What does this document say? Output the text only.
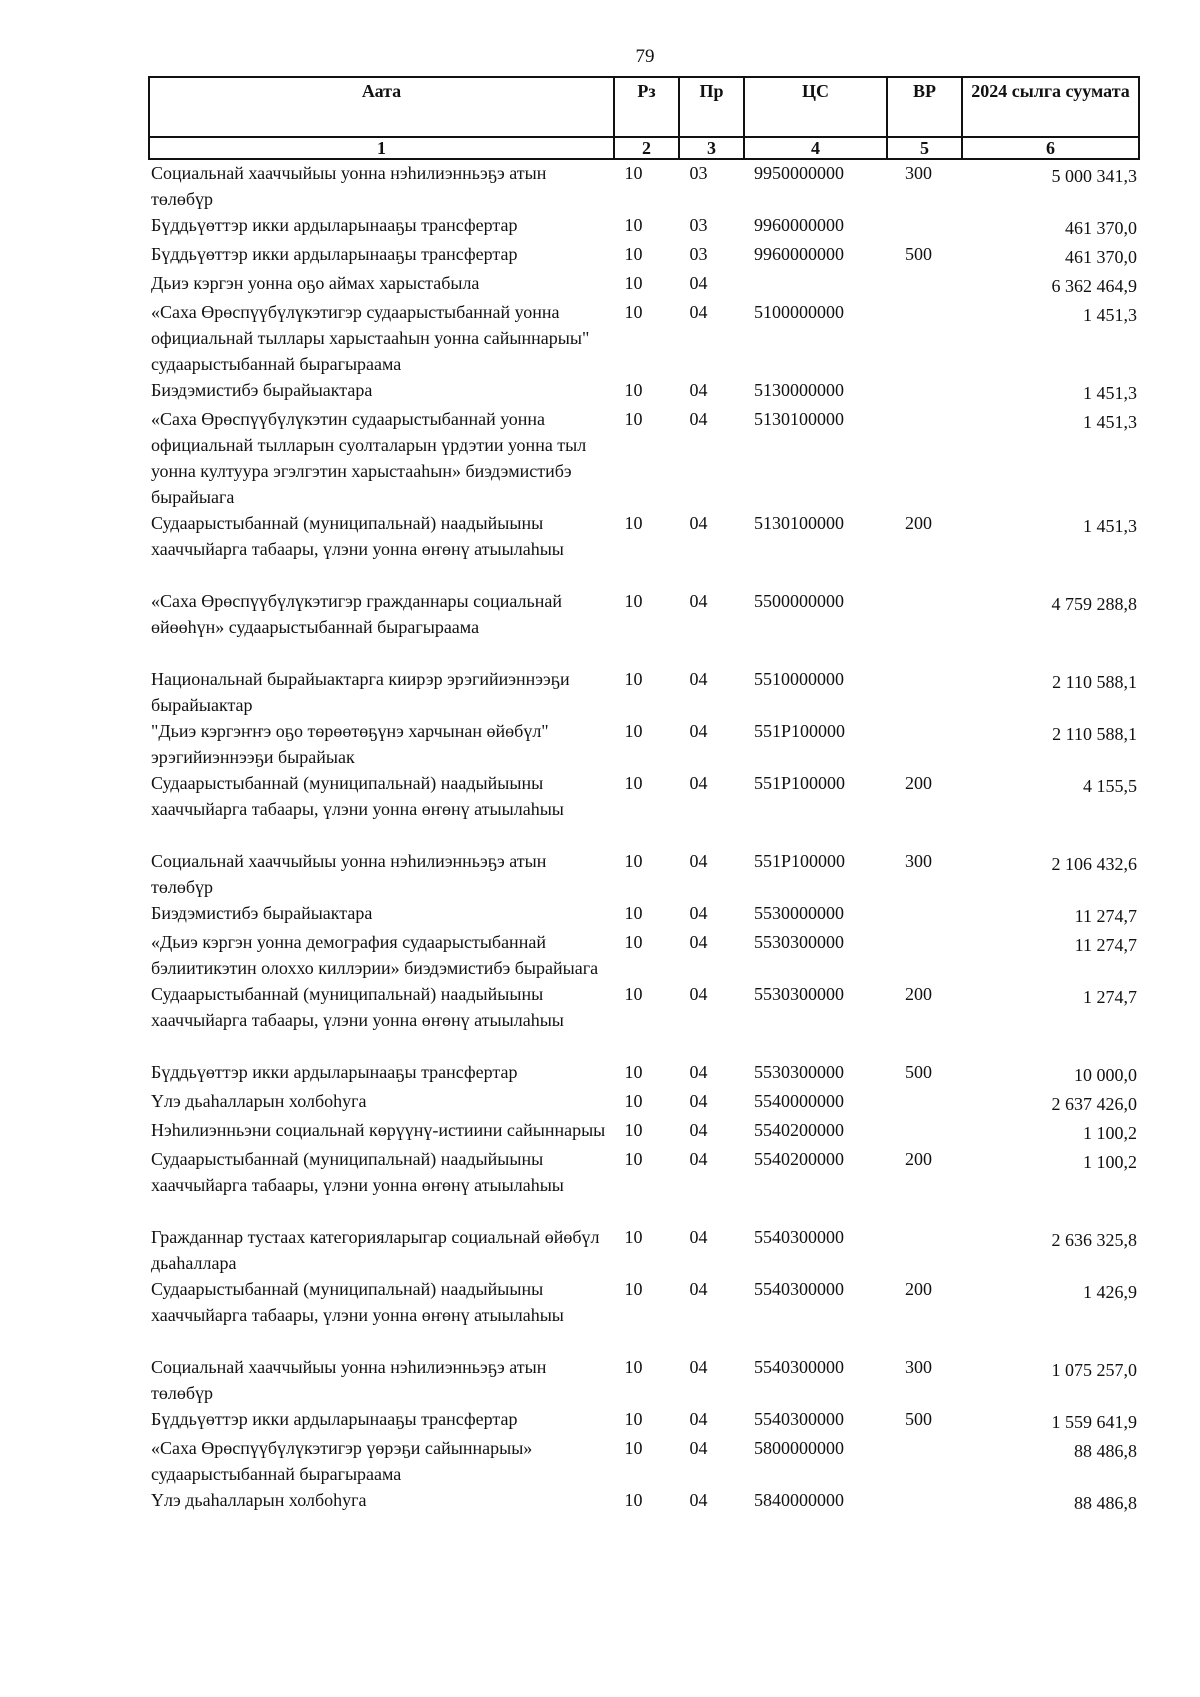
79
Аата	Рз	Пр	ЦС	ВР	2024 сылга суумата
1	2	3	4	5	6
Социальнай хааччыйыы уонна нэһилиэнньэҕэ атын төлөбүр	10	03	9950000000	300	5 000 341,3
Бүддьүөттэр икки ардыларынааҕы трансфертар	10	03	9960000000		461 370,0
Бүддьүөттэр икки ардыларынааҕы трансфертар	10	03	9960000000	500	461 370,0
Дьиэ кэргэн уонна оҕо аймах харыстабыла	10	04			6 362 464,9
«Саха Өрөспүүбүлүкэтигэр судаарыстыбаннай уонна официальнай тыллары харыстааһын уонна сайыннарыы" судаарыстыбаннай бырагыраама	10	04	5100000000		1 451,3
Биэдэмистибэ бырайыактара	10	04	5130000000		1 451,3
«Саха Өрөспүүбүлүкэтин судаарыстыбаннай уонна официальнай тылларын суолталарын үрдэтии уонна тыл уонна култуура эгэлгэтин харыстааһын» биэдэмистибэ бырайыага	10	04	5130100000		1 451,3
Судаарыстыбаннай (муниципальнай) наадыйыыны хааччыйарга табаары, үлэни уонна өҥөнү атыылаһыы	10	04	5130100000	200	1 451,3
«Саха Өрөспүүбүлүкэтигэр гражданнары социальнай өйөөһүн» судаарыстыбаннай бырагыраама	10	04	5500000000		4 759 288,8
Национальнай бырайыактарга киирэр эрэгийиэннээҕи бырайыактар	10	04	5510000000		2 110 588,1
"Дьиэ кэргэҥҥэ оҕо төрөөтөҕүнэ харчынан өйөбүл" эрэгийиэннээҕи бырайыак	10	04	551Р100000		2 110 588,1
Судаарыстыбаннай (муниципальнай) наадыйыыны хааччыйарга табаары, үлэни уонна өҥөнү атыылаһыы	10	04	551Р100000	200	4 155,5
Социальнай хааччыйыы уонна нэһилиэнньэҕэ атын төлөбүр	10	04	551Р100000	300	2 106 432,6
Биэдэмистибэ бырайыактара	10	04	5530000000		11 274,7
«Дьиэ кэргэн уонна демография судаарыстыбаннай бэлиитикэтин олоххо киллэрии» биэдэмистибэ бырайыага	10	04	5530300000		11 274,7
Судаарыстыбаннай (муниципальнай) наадыйыыны хааччыйарга табаары, үлэни уонна өҥөнү атыылаһыы	10	04	5530300000	200	1 274,7
Бүддьүөттэр икки ардыларынааҕы трансфертар	10	04	5530300000	500	10 000,0
Үлэ дьаһалларын холбоһуга	10	04	5540000000		2 637 426,0
Нэһилиэнньэни социальнай көрүүнү-истиини сайыннарыы	10	04	5540200000		1 100,2
Судаарыстыбаннай (муниципальнай) наадыйыыны хааччыйарга табаары, үлэни уонна өҥөнү атыылаһыы	10	04	5540200000	200	1 100,2
Гражданнар тустаах категорияларыгар социальнай өйөбүл дьаһаллара	10	04	5540300000		2 636 325,8
Судаарыстыбаннай (муниципальнай) наадыйыыны хааччыйарга табаары, үлэни уонна өҥөнү атыылаһыы	10	04	5540300000	200	1 426,9
Социальнай хааччыйыы уонна нэһилиэнньэҕэ атын төлөбүр	10	04	5540300000	300	1 075 257,0
Бүддьүөттэр икки ардыларынааҕы трансфертар	10	04	5540300000	500	1 559 641,9
«Саха Өрөспүүбүлүкэтигэр үөрэҕи сайыннарыы» судаарыстыбаннай бырагыраама	10	04	5800000000		88 486,8
Үлэ дьаһалларын холбоһуга	10	04	5840000000		88 486,8
